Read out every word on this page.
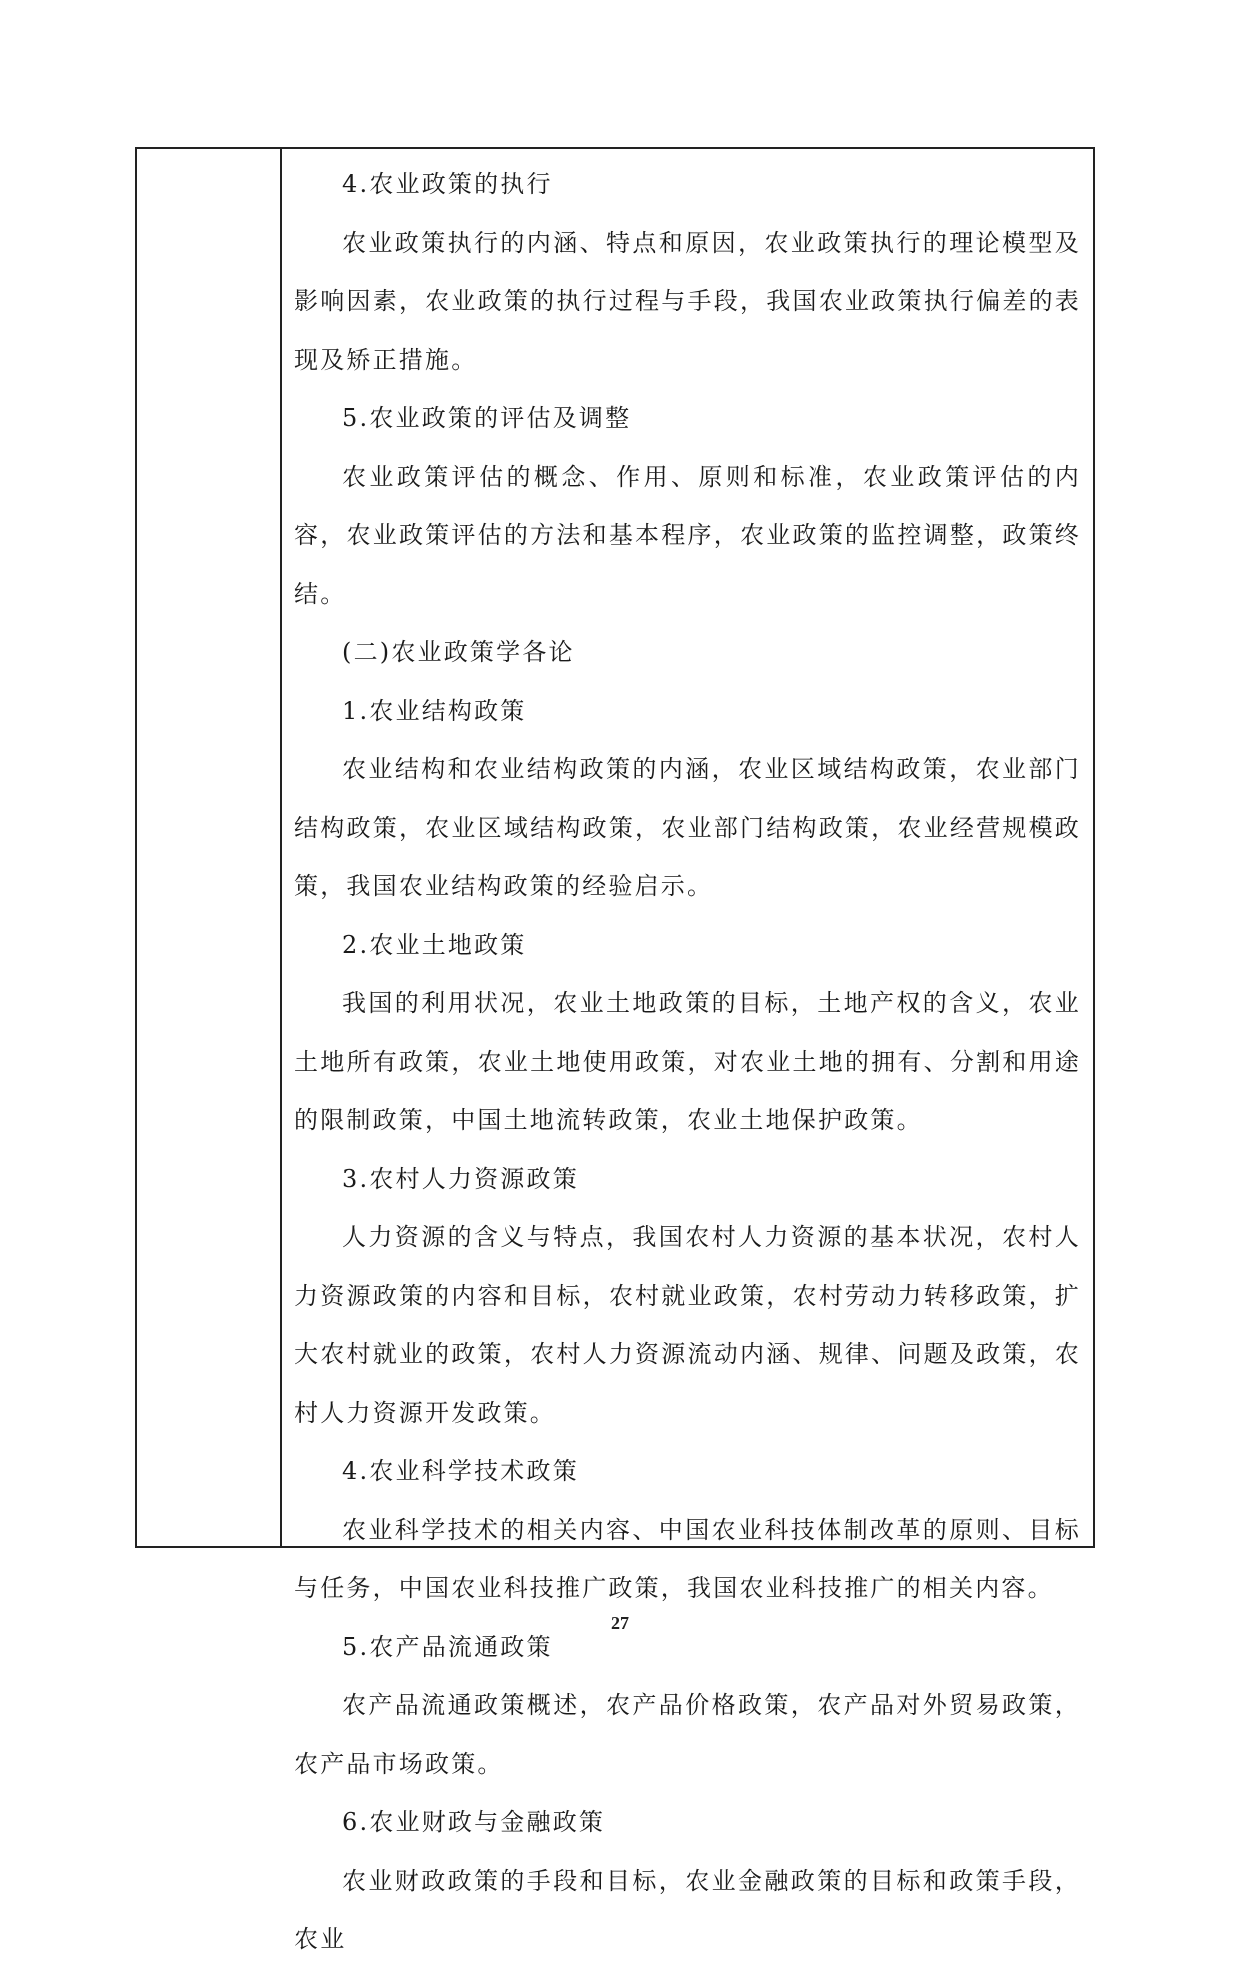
4.农业政策的执行

农业政策执行的内涵、特点和原因，农业政策执行的理论模型及影响因素，农业政策的执行过程与手段，我国农业政策执行偏差的表现及矫正措施。

5.农业政策的评估及调整

农业政策评估的概念、作用、原则和标准，农业政策评估的内容，农业政策评估的方法和基本程序，农业政策的监控调整，政策终结。

(二)农业政策学各论

1.农业结构政策

农业结构和农业结构政策的内涵，农业区域结构政策，农业部门结构政策，农业区域结构政策，农业部门结构政策，农业经营规模政策，我国农业结构政策的经验启示。

2.农业土地政策

我国的利用状况，农业土地政策的目标，土地产权的含义，农业土地所有政策，农业土地使用政策，对农业土地的拥有、分割和用途的限制政策，中国土地流转政策，农业土地保护政策。

3.农村人力资源政策

人力资源的含义与特点，我国农村人力资源的基本状况，农村人力资源政策的内容和目标，农村就业政策，农村劳动力转移政策，扩大农村就业的政策，农村人力资源流动内涵、规律、问题及政策，农村人力资源开发政策。

4.农业科学技术政策

农业科学技术的相关内容、中国农业科技体制改革的原则、目标与任务，中国农业科技推广政策，我国农业科技推广的相关内容。

5.农产品流通政策

农产品流通政策概述，农产品价格政策，农产品对外贸易政策，农产品市场政策。

6.农业财政与金融政策

农业财政政策的手段和目标，农业金融政策的目标和政策手段，农业

27
